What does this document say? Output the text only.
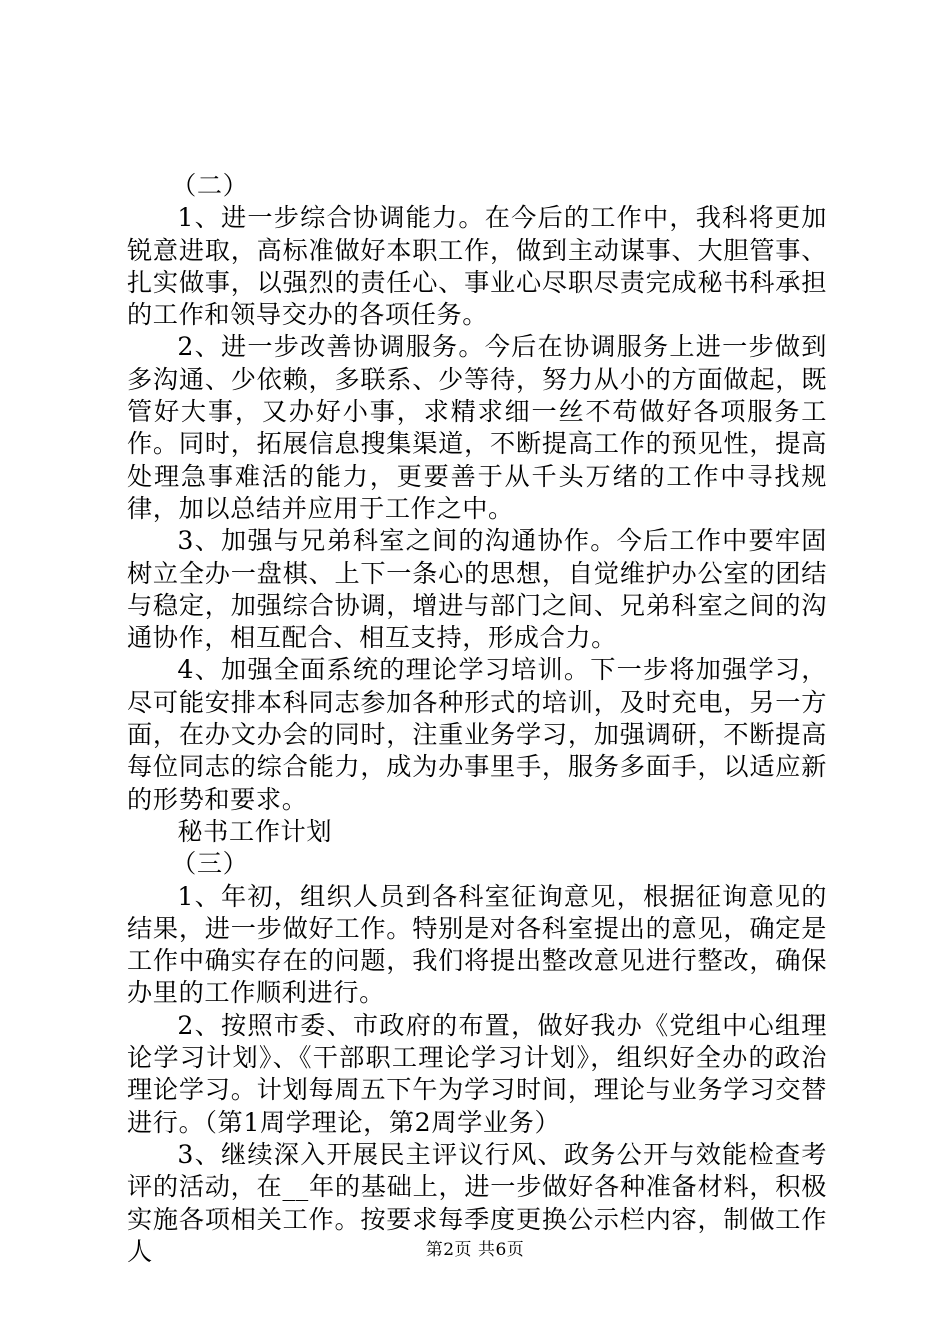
（二）

1、进一步综合协调能力。在今后的工作中，我科将更加锐意进取，高标准做好本职工作，做到主动谋事、大胆管事、扎实做事，以强烈的责任心、事业心尽职尽责完成秘书科承担的工作和领导交办的各项任务。

2、进一步改善协调服务。今后在协调服务上进一步做到多沟通、少依赖，多联系、少等待，努力从小的方面做起，既管好大事，又办好小事，求精求细一丝不苟做好各项服务工作。同时，拓展信息搜集渠道，不断提高工作的预见性，提高处理急事难活的能力，更要善于从千头万绪的工作中寻找规律，加以总结并应用于工作之中。

3、加强与兄弟科室之间的沟通协作。今后工作中要牢固树立全办一盘棋、上下一条心的思想，自觉维护办公室的团结与稳定，加强综合协调，增进与部门之间、兄弟科室之间的沟通协作，相互配合、相互支持，形成合力。

4、加强全面系统的理论学习培训。下一步将加强学习，尽可能安排本科同志参加各种形式的培训，及时充电，另一方面，在办文办会的同时，注重业务学习，加强调研，不断提高每位同志的综合能力，成为办事里手，服务多面手，以适应新的形势和要求。

秘书工作计划

（三）

1、年初，组织人员到各科室征询意见，根据征询意见的结果，进一步做好工作。特别是对各科室提出的意见，确定是工作中确实存在的问题，我们将提出整改意见进行整改，确保办里的工作顺利进行。

2、按照市委、市政府的布置，做好我办《党组中心组理论学习计划》、《干部职工理论学习计划》，组织好全办的政治理论学习。计划每周五下午为学习时间，理论与业务学习交替进行。（第1周学理论，第2周学业务）

3、继续深入开展民主评议行风、政务公开与效能检查考评的活动，在__年的基础上，进一步做好各种准备材料，积极实施各项相关工作。按要求每季度更换公示栏内容，制做工作人	第2页 共6页
